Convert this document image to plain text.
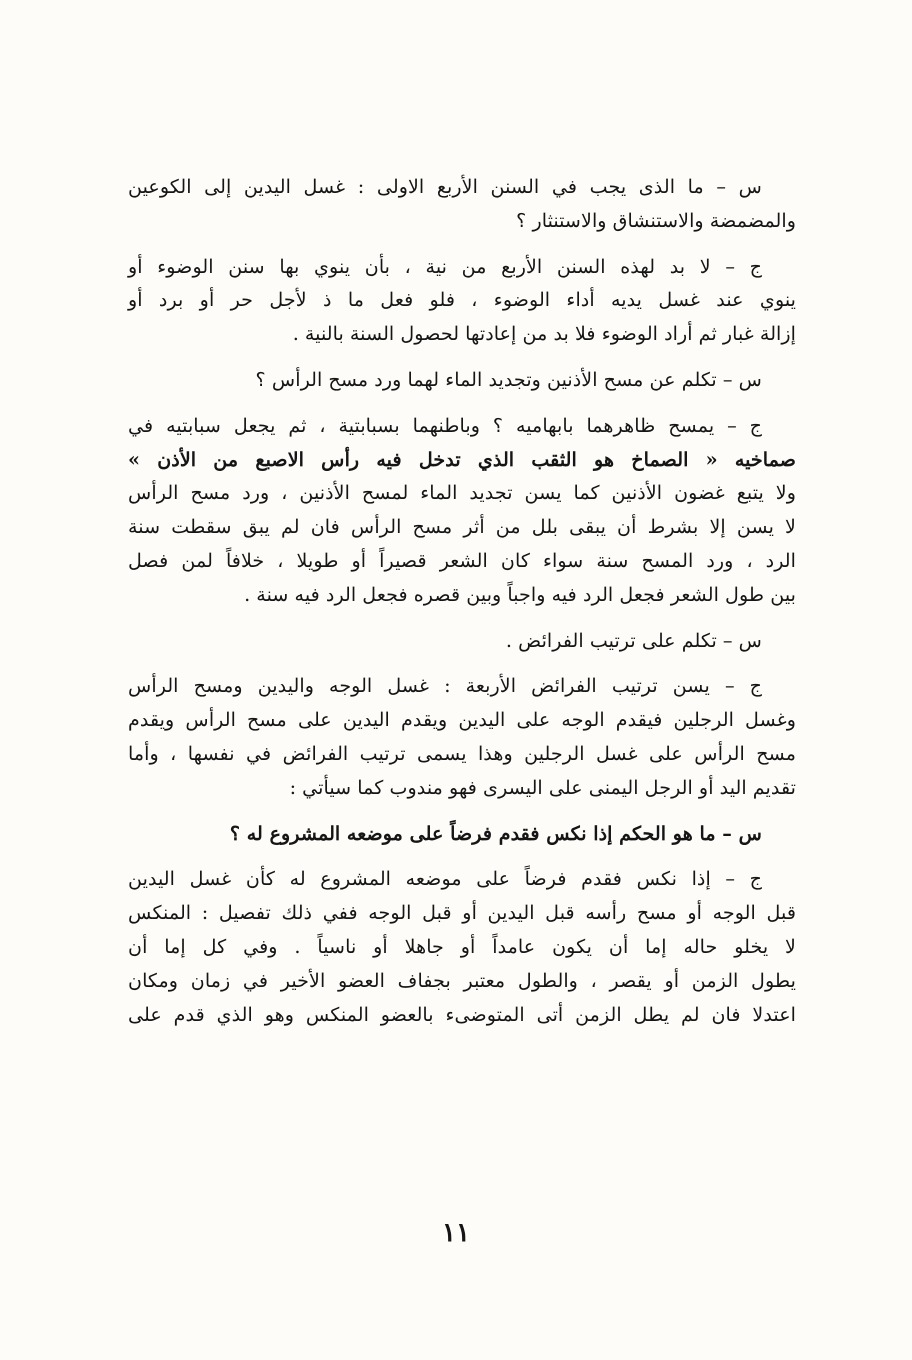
س – ما الذى يجب في السنن الأربع الاولى : غسل اليدين إلى الكوعين
والمضمضة والاستنشاق والاستنثار ؟
ج – لا بد لهذه السنن الأربع من نية ، بأن ينوي بها سنن الوضوء أو
ينوي عند غسل يديه أداء الوضوء ، فلو فعل ما ذ لأجل حر أو برد أو
إزالة غبار ثم أراد الوضوء فلا بد من إعادتها لحصول السنة بالنية .
س – تكلم عن مسح الأذنين وتجديد الماء لهما ورد مسح الرأس ؟
ج – يمسح ظاهرهما بابهاميه ؟ وباطنهما بسبابتية ، ثم يجعل سبابتيه في
صماخيه « الصماخ هو الثقب الذي تدخل فيه رأس الاصبع من الأذن »
ولا يتبع غضون الأذنين كما يسن تجديد الماء لمسح الأذنين ، ورد مسح الرأس
لا يسن إلا بشرط أن يبقى بلل من أثر مسح الرأس فان لم يبق سقطت سنة
الرد ، ورد المسح سنة سواء كان الشعر قصيراً أو طويلا ، خلافاً لمن فصل
بين طول الشعر فجعل الرد فيه واجباً وبين قصره فجعل الرد فيه سنة .
س – تكلم على ترتيب الفرائض .
ج – يسن ترتيب الفرائض الأربعة : غسل الوجه واليدين ومسح الرأس
وغسل الرجلين فيقدم الوجه على اليدين ويقدم اليدين على مسح الرأس ويقدم
مسح الرأس على غسل الرجلين وهذا يسمى ترتيب الفرائض في نفسها ، وأما
تقديم اليد أو الرجل اليمنى على اليسرى فهو مندوب كما سيأتي :
س – ما هو الحكم إذا نكس فقدم فرضاً على موضعه المشروع له ؟
ج – إذا نكس فقدم فرضاً على موضعه المشروع له كأن غسل اليدين
قبل الوجه أو مسح رأسه قبل اليدين أو قبل الوجه ففي ذلك تفصيل : المنكس
لا يخلو حاله إما أن يكون عامداً أو جاهلا أو ناسياً . وفي كل إما أن
يطول الزمن أو يقصر ، والطول معتبر بجفاف العضو الأخير في زمان ومكان
اعتدلا فان لم يطل الزمن أتى المتوضىء بالعضو المنكس وهو الذي قدم على
١١
